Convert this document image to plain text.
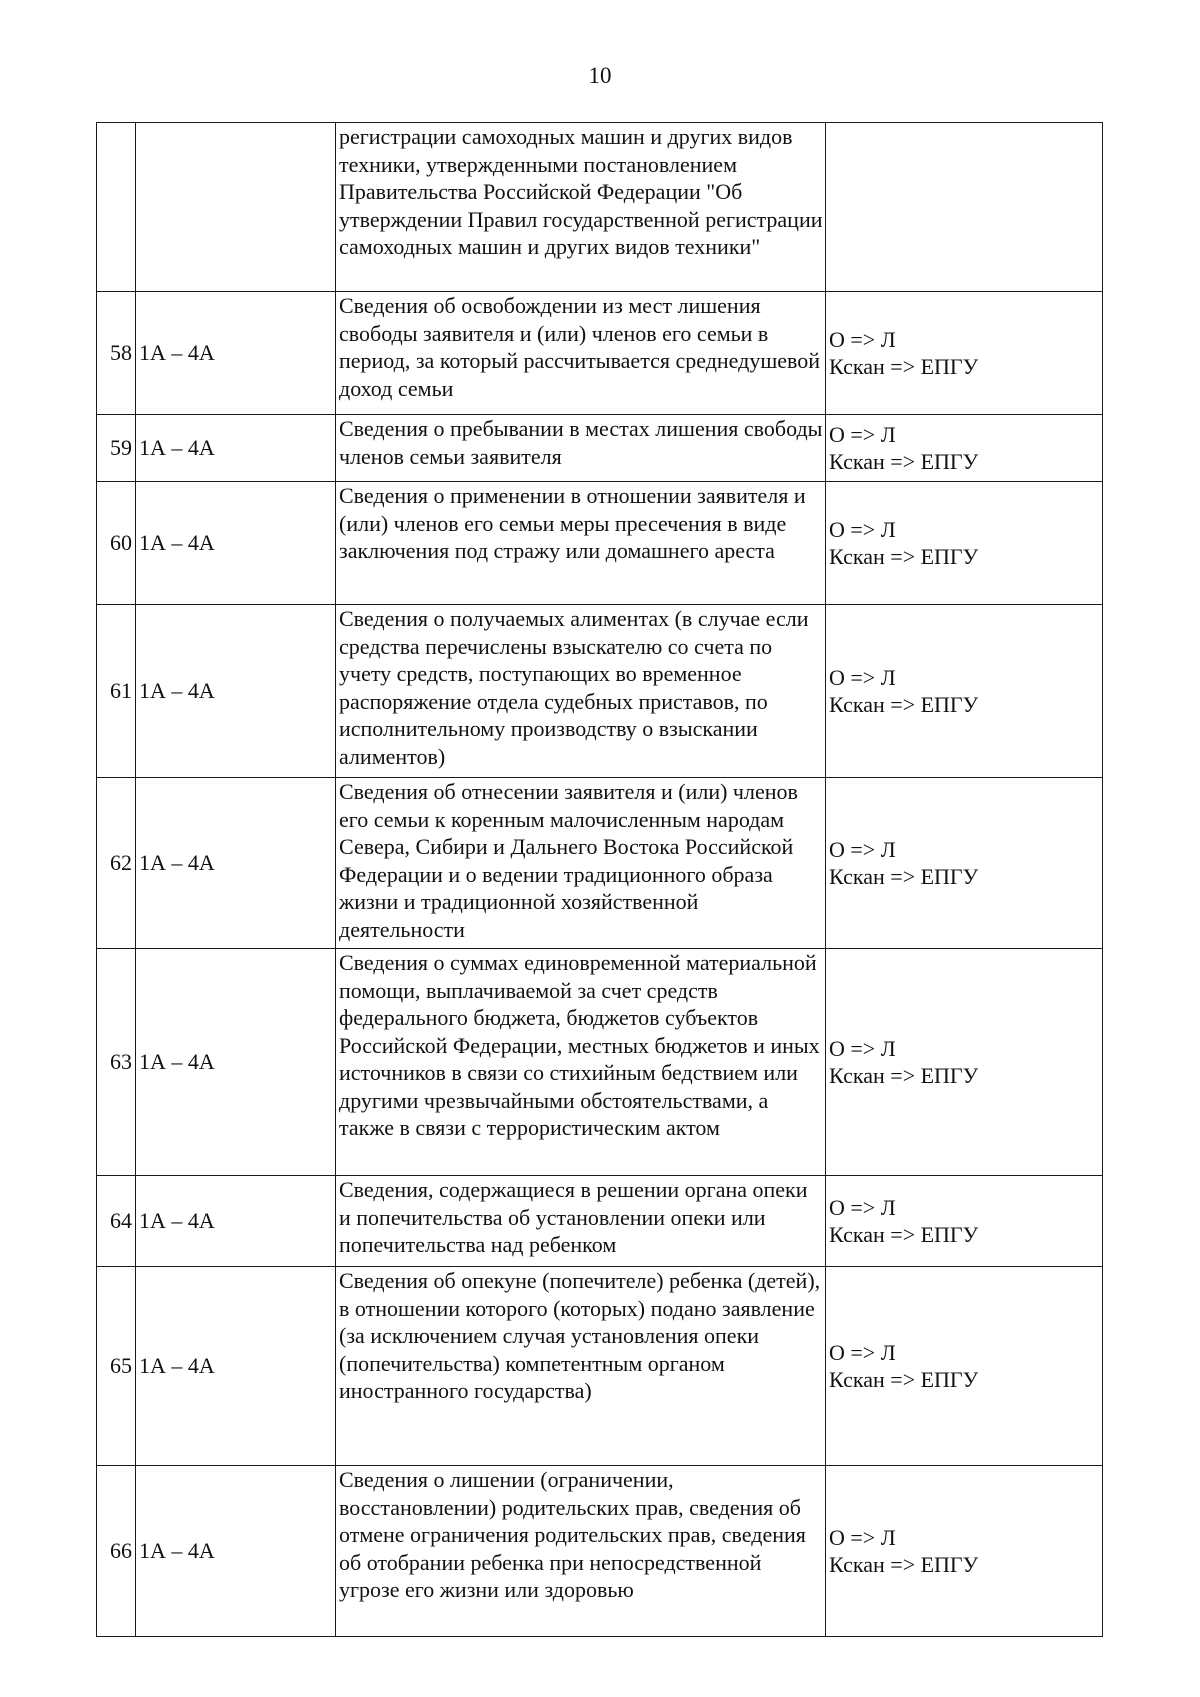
10
		регистрации самоходных машин и других видов техники, утвержденными постановлением Правительства Российской Федерации "Об утверждении Правил государственной регистрации самоходных машин и других видов техники"	

58	1А – 4А	Сведения об освобождении из мест лишения свободы заявителя и (или) членов его семьи в период, за который рассчитывается среднедушевой доход семьи	О => Л
Кскан => ЕПГУ

59	1А – 4А	Сведения о пребывании в местах лишения свободы членов семьи заявителя	О => Л
Кскан => ЕПГУ

60	1А – 4А	Сведения о применении в отношении заявителя и (или) членов его семьи меры пресечения в виде заключения под стражу или домашнего ареста	О => Л
Кскан => ЕПГУ

61	1А – 4А	Сведения о получаемых алиментах (в случае если средства перечислены взыскателю со счета по учету средств, поступающих во временное распоряжение отдела судебных приставов, по исполнительному производству о взыскании алиментов)	О => Л
Кскан => ЕПГУ

62	1А – 4А	Сведения об отнесении заявителя и (или) членов его семьи к коренным малочисленным народам Севера, Сибири и Дальнего Востока Российской Федерации и о ведении традиционного образа жизни и традиционной хозяйственной деятельности	О => Л
Кскан => ЕПГУ

63	1А – 4А	Сведения о суммах единовременной материальной помощи, выплачиваемой за счет средств федерального бюджета, бюджетов субъектов Российской Федерации, местных бюджетов и иных источников в связи со стихийным бедствием или другими чрезвычайными обстоятельствами, а также в связи с террористическим актом	О => Л
Кскан => ЕПГУ

64	1А – 4А	Сведения, содержащиеся в решении органа опеки и попечительства об установлении опеки или попечительства над ребенком	О => Л
Кскан => ЕПГУ

65	1А – 4А	Сведения об опекуне (попечителе) ребенка (детей), в отношении которого (которых) подано заявление (за исключением случая установления опеки (попечительства) компетентным органом иностранного государства)	О => Л
Кскан => ЕПГУ

66	1А – 4А	Сведения о лишении (ограничении, восстановлении) родительских прав, сведения об отмене ограничения родительских прав, сведения об отобрании ребенка при непосредственной угрозе его жизни или здоровью	О => Л
Кскан => ЕПГУ
